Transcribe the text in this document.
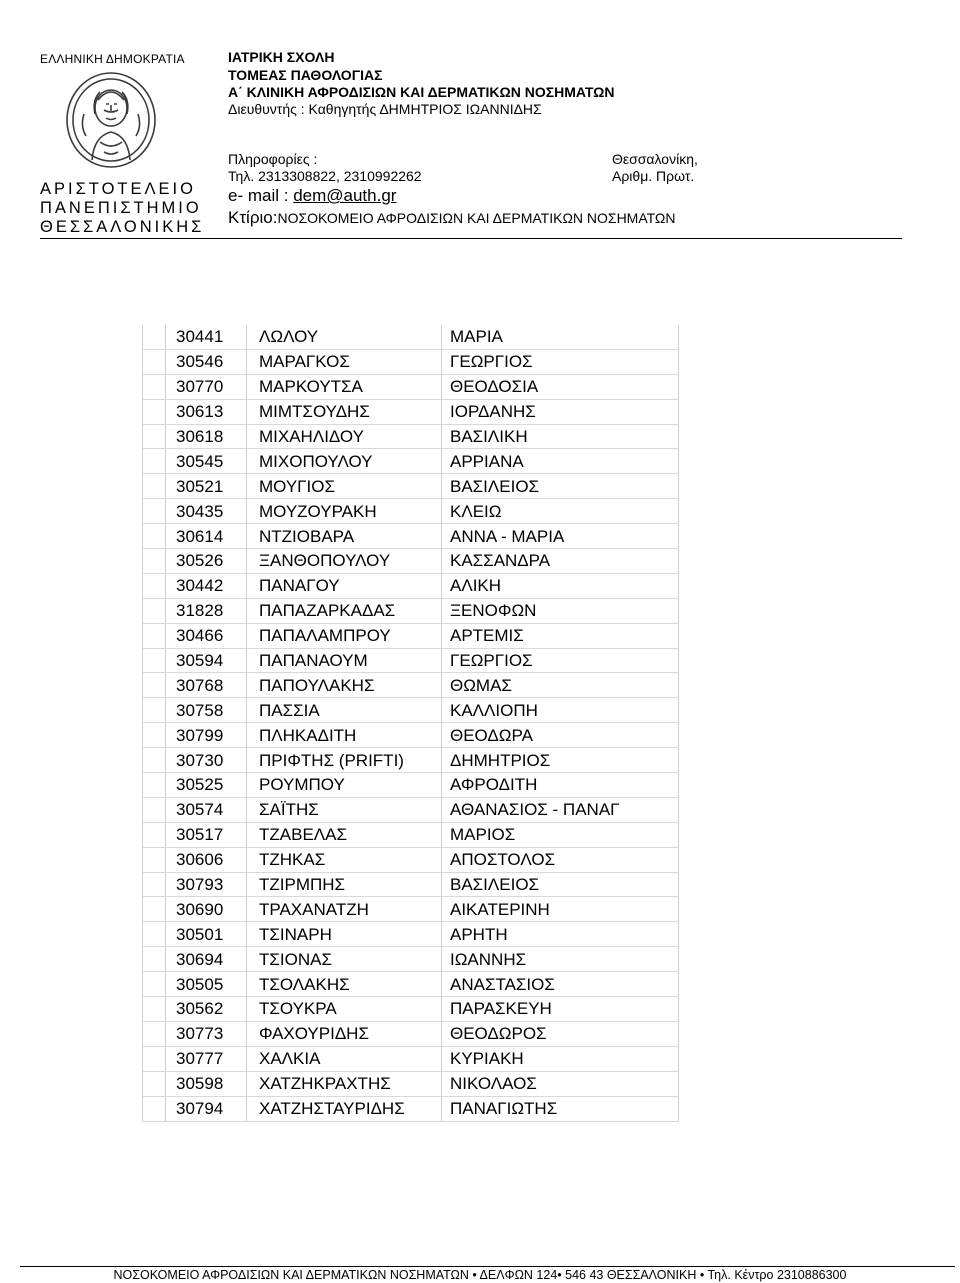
ΕΛΛΗΝΙΚΗ ΔΗΜΟΚΡΑΤΙΑ
ΑΡΙΣΤΟΤΕΛΕΙΟ
ΠΑΝΕΠΙΣΤΗΜΙΟ
ΘΕΣΣΑΛΟΝΙΚΗΣ
ΙΑΤΡΙΚΗ ΣΧΟΛΗ
ΤΟΜΕΑΣ ΠΑΘΟΛΟΓΙΑΣ
Α΄ ΚΛΙΝΙΚΗ ΑΦΡΟΔΙΣΙΩΝ ΚΑΙ ΔΕΡΜΑΤΙΚΩΝ ΝΟΣΗΜΑΤΩΝ
Διευθυντής : Καθηγητής ΔΗΜΗΤΡΙΟΣ ΙΩΑΝΝΙΔΗΣ
Πληροφορίες :
Τηλ. 2313308822, 2310992262
e- mail : dem@auth.gr
Κτίριο:ΝΟΣΟΚΟΜΕΙΟ ΑΦΡΟΔΙΣΙΩΝ ΚΑΙ ΔΕΡΜΑΤΙΚΩΝ ΝΟΣΗΜΑΤΩΝ
Θεσσαλονίκη,
Αριθμ. Πρωτ.
	30441	ΛΩΛΟΥ	ΜΑΡΙΑ
	30546	ΜΑΡΑΓΚΟΣ	ΓΕΩΡΓΙΟΣ
	30770	ΜΑΡΚΟΥΤΣΑ	ΘΕΟΔΟΣΙΑ
	30613	ΜΙΜΤΣΟΥΔΗΣ	ΙΟΡΔΑΝΗΣ
	30618	ΜΙΧΑΗΛΙΔΟΥ	ΒΑΣΙΛΙΚΗ
	30545	ΜΙΧΟΠΟΥΛΟΥ	ΑΡΡΙΑΝΑ
	30521	ΜΟΥΓΙΟΣ	ΒΑΣΙΛΕΙΟΣ
	30435	ΜΟΥΖΟΥΡΑΚΗ	ΚΛΕΙΩ
	30614	ΝΤΖΙΟΒΑΡΑ	ΑΝΝΑ - ΜΑΡΙΑ
	30526	ΞΑΝΘΟΠΟΥΛΟΥ	ΚΑΣΣΑΝΔΡΑ
	30442	ΠΑΝΑΓΟΥ	ΑΛΙΚΗ
	31828	ΠΑΠΑΖΑΡΚΑΔΑΣ	ΞΕΝΟΦΩΝ
	30466	ΠΑΠΑΛΑΜΠΡΟΥ	ΑΡΤΕΜΙΣ
	30594	ΠΑΠΑΝΑΟΥΜ	ΓΕΩΡΓΙΟΣ
	30768	ΠΑΠΟΥΛΑΚΗΣ	ΘΩΜΑΣ
	30758	ΠΑΣΣΙΑ	ΚΑΛΛΙΟΠΗ
	30799	ΠΛΗΚΑΔΙΤΗ	ΘΕΟΔΩΡΑ
	30730	ΠΡΙΦΤΗΣ (PRIFTI)	ΔΗΜΗΤΡΙΟΣ
	30525	ΡΟΥΜΠΟΥ	ΑΦΡΟΔΙΤΗ
	30574	ΣΑΪΤΗΣ	ΑΘΑΝΑΣΙΟΣ - ΠΑΝΑΓ
	30517	ΤΖΑΒΕΛΑΣ	ΜΑΡΙΟΣ
	30606	ΤΖΗΚΑΣ	ΑΠΟΣΤΟΛΟΣ
	30793	ΤΖΙΡΜΠΗΣ	ΒΑΣΙΛΕΙΟΣ
	30690	ΤΡΑΧΑΝΑΤΖΗ	ΑΙΚΑΤΕΡΙΝΗ
	30501	ΤΣΙΝΑΡΗ	ΑΡΗΤΗ
	30694	ΤΣΙΟΝΑΣ	ΙΩΑΝΝΗΣ
	30505	ΤΣΟΛΑΚΗΣ	ΑΝΑΣΤΑΣΙΟΣ
	30562	ΤΣΟΥΚΡΑ	ΠΑΡΑΣΚΕΥΗ
	30773	ΦΑΧΟΥΡΙΔΗΣ	ΘΕΟΔΩΡΟΣ
	30777	ΧΑΛΚΙΑ	ΚΥΡΙΑΚΗ
	30598	ΧΑΤΖΗΚΡΑΧΤΗΣ	ΝΙΚΟΛΑΟΣ
	30794	ΧΑΤΖΗΣΤΑΥΡΙΔΗΣ	ΠΑΝΑΓΙΩΤΗΣ
ΝΟΣΟΚΟΜΕΙΟ ΑΦΡΟΔΙΣΙΩΝ ΚΑΙ ΔΕΡΜΑΤΙΚΩΝ ΝΟΣΗΜΑΤΩΝ • ΔΕΛΦΩΝ 124• 546 43 ΘΕΣΣΑΛΟΝΙΚΗ • Τηλ. Κέντρο 2310886300
